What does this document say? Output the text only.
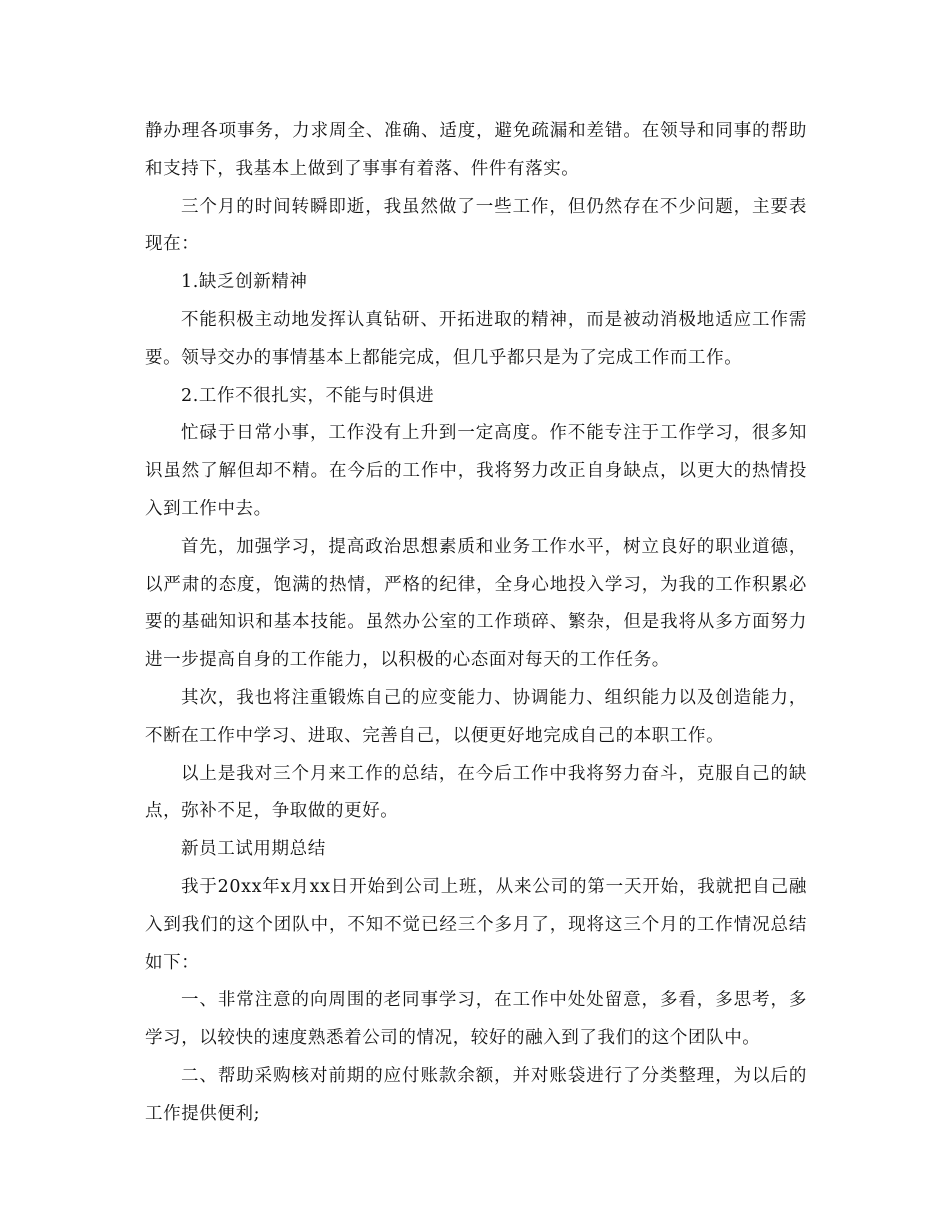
静办理各项事务，力求周全、准确、适度，避免疏漏和差错。在领导和同事的帮助和支持下，我基本上做到了事事有着落、件件有落实。

三个月的时间转瞬即逝，我虽然做了一些工作，但仍然存在不少问题，主要表现在：

1.缺乏创新精神

不能积极主动地发挥认真钻研、开拓进取的精神，而是被动消极地适应工作需要。领导交办的事情基本上都能完成，但几乎都只是为了完成工作而工作。

2.工作不很扎实，不能与时俱进

忙碌于日常小事，工作没有上升到一定高度。作不能专注于工作学习，很多知识虽然了解但却不精。在今后的工作中，我将努力改正自身缺点，以更大的热情投入到工作中去。

首先，加强学习，提高政治思想素质和业务工作水平，树立良好的职业道德，以严肃的态度，饱满的热情，严格的纪律，全身心地投入学习，为我的工作积累必要的基础知识和基本技能。虽然办公室的工作琐碎、繁杂，但是我将从多方面努力进一步提高自身的工作能力，以积极的心态面对每天的工作任务。

其次，我也将注重锻炼自己的应变能力、协调能力、组织能力以及创造能力，不断在工作中学习、进取、完善自己，以便更好地完成自己的本职工作。

以上是我对三个月来工作的总结，在今后工作中我将努力奋斗，克服自己的缺点，弥补不足，争取做的更好。

新员工试用期总结

我于20xx年x月xx日开始到公司上班，从来公司的第一天开始，我就把自己融入到我们的这个团队中，不知不觉已经三个多月了，现将这三个月的工作情况总结如下：

一、非常注意的向周围的老同事学习，在工作中处处留意，多看，多思考，多学习，以较快的速度熟悉着公司的情况，较好的融入到了我们的这个团队中。

二、帮助采购核对前期的应付账款余额，并对账袋进行了分类整理，为以后的工作提供便利;
